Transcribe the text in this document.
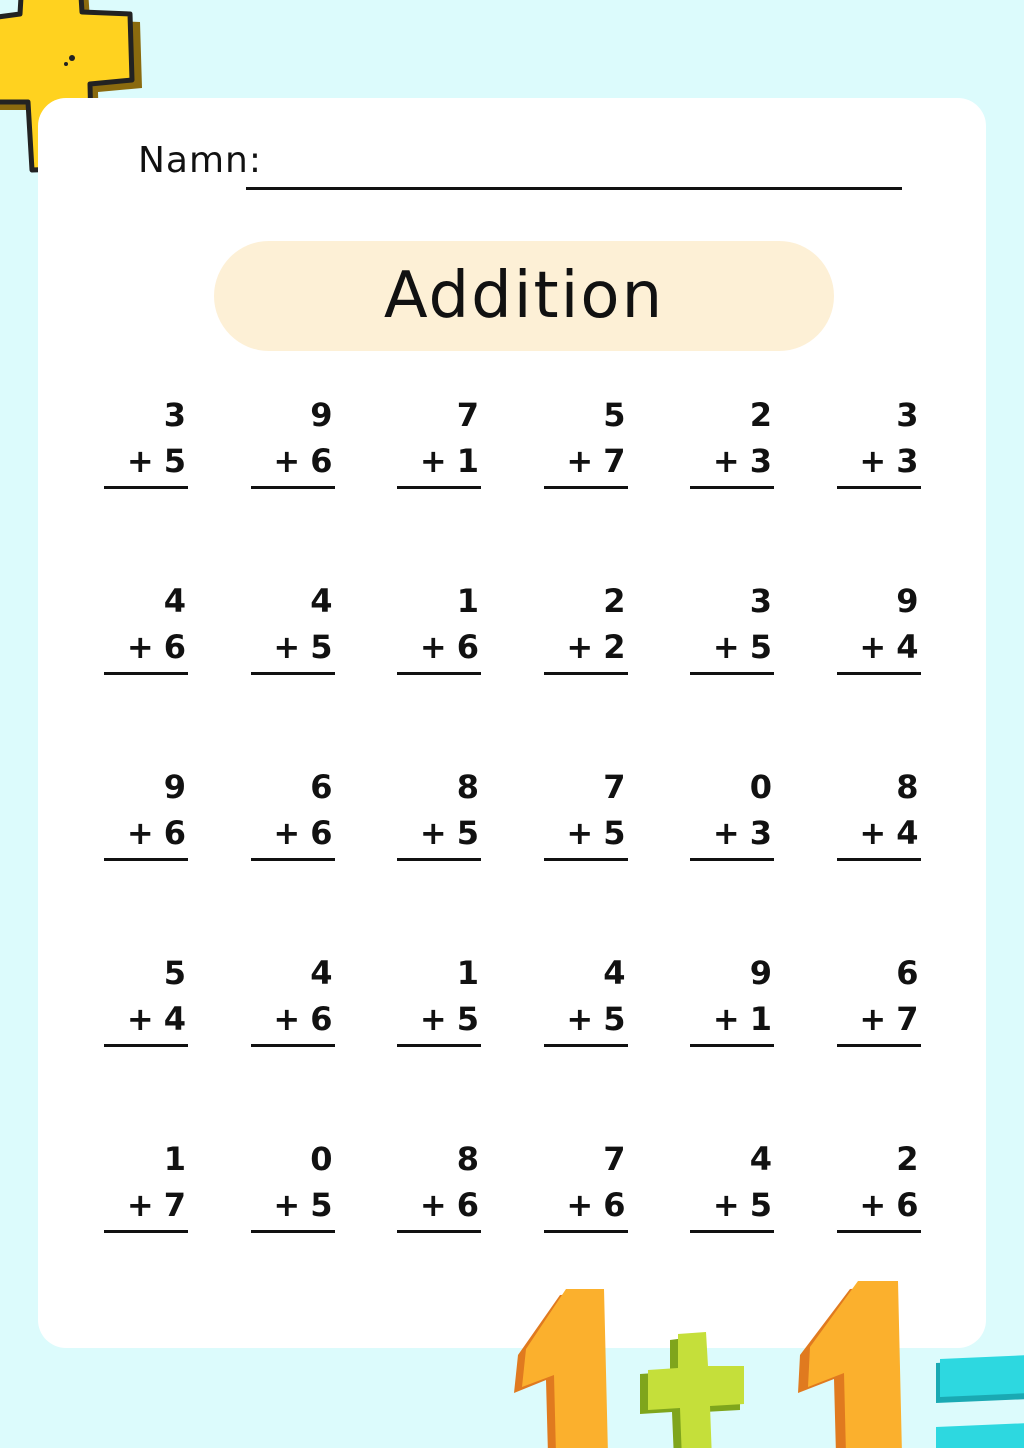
Namn:
Addition
3
+ 5
9
+ 6
7
+ 1
5
+ 7
2
+ 3
3
+ 3
4
+ 6
4
+ 5
1
+ 6
2
+ 2
3
+ 5
9
+ 4
9
+ 6
6
+ 6
8
+ 5
7
+ 5
0
+ 3
8
+ 4
5
+ 4
4
+ 6
1
+ 5
4
+ 5
9
+ 1
6
+ 7
1
+ 7
0
+ 5
8
+ 6
7
+ 6
4
+ 5
2
+ 6
